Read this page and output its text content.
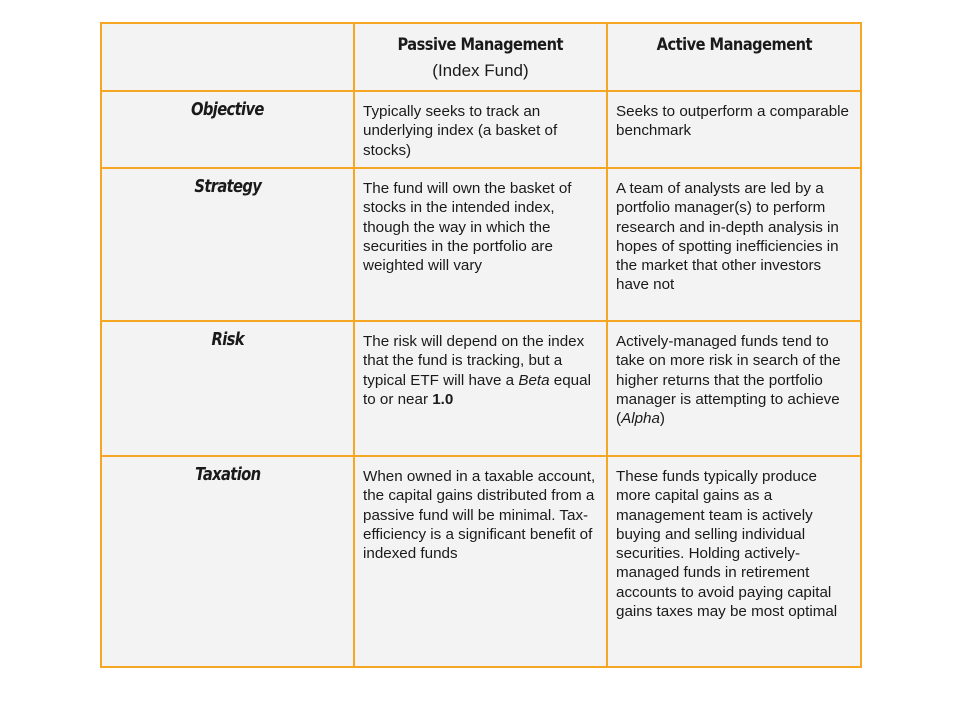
	Passive Management (Index Fund)	Active Management

Objective	Typically seeks to track an underlying index (a basket of stocks)	Seeks to outperform a comparable benchmark

Strategy	The fund will own the basket of stocks in the intended index, though the way in which the securities in the portfolio are weighted will vary	A team of analysts are led by a portfolio manager(s) to perform research and in-depth analysis in hopes of spotting inefficiencies in the market that other investors have not

Risk	The risk will depend on the index that the fund is tracking, but a typical ETF will have a Beta equal to or near 1.0	Actively-managed funds tend to take on more risk in search of the higher returns that the portfolio manager is attempting to achieve (Alpha)

Taxation	When owned in a taxable account, the capital gains distributed from a passive fund will be minimal. Tax-efficiency is a significant benefit of indexed funds	These funds typically produce more capital gains as a management team is actively buying and selling individual securities. Holding actively-managed funds in retirement accounts to avoid paying capital gains taxes may be most optimal
